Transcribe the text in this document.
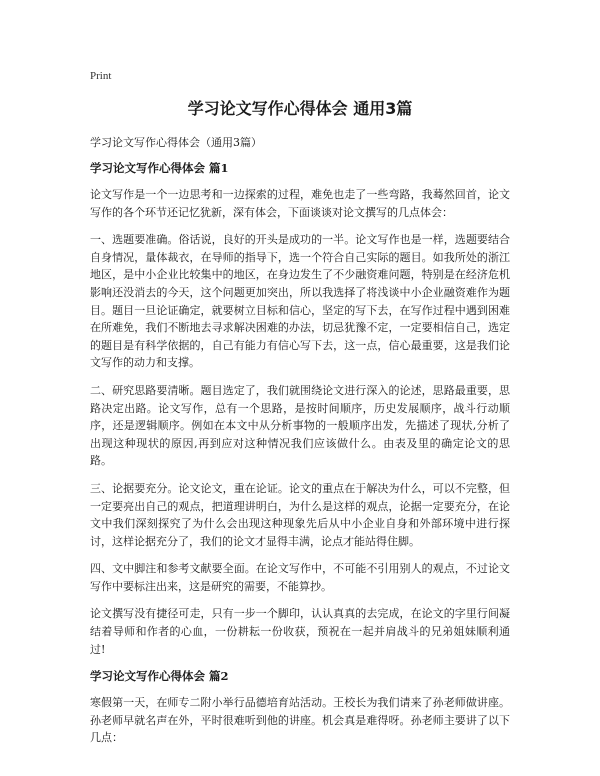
Print
学习论文写作心得体会 通用3篇
学习论文写作心得体会（通用3篇）
学习论文写作心得体会 篇1

论文写作是一个一边思考和一边探索的过程，难免也走了一些弯路，我蓦然回首，论文写作的各个环节还记忆犹新，深有体会，下面谈谈对论文撰写的几点体会：

一、选题要准确。俗话说，良好的开头是成功的一半。论文写作也是一样，选题要结合自身情况，量体裁衣，在导师的指导下，选一个符合自己实际的题目。如我所处的浙江地区，是中小企业比较集中的地区，在身边发生了不少融资难问题，特别是在经济危机影响还没消去的今天，这个问题更加突出，所以我选择了将浅谈中小企业融资难作为题目。题目一旦论证确定，就要树立目标和信心，坚定的写下去，在写作过程中遇到困难在所难免，我们不断地去寻求解决困难的办法，切忌犹豫不定，一定要相信自己，选定的题目是有科学依据的，自己有能力有信心写下去，这一点，信心最重要，这是我们论文写作的动力和支撑。

二、研究思路要清晰。题目选定了，我们就围绕论文进行深入的论述，思路最重要，思路决定出路。论文写作，总有一个思路，是按时间顺序，历史发展顺序，战斗行动顺序，还是逻辑顺序。例如在本文中从分析事物的一般顺序出发，先描述了现状,分析了出现这种现状的原因,再到应对这种情况我们应该做什么。由表及里的确定论文的思路。

三、论据要充分。论文论文，重在论证。论文的重点在于解决为什么，可以不完整，但一定要亮出自己的观点，把道理讲明白，为什么是这样的观点，论据一定要充分，在论文中我们深刻探究了为什么会出现这种现象先后从中小企业自身和外部环境中进行探讨，这样论据充分了，我们的论文才显得丰满，论点才能站得住脚。

四、文中脚注和参考文献要全面。在论文写作中，不可能不引用别人的观点，不过论文写作中要标注出来，这是研究的需要，不能算抄。

论文撰写没有捷径可走，只有一步一个脚印，认认真真的去完成，在论文的字里行间凝结着导师和作者的心血，一份耕耘一份收获，预祝在一起并肩战斗的兄弟姐妹顺利通过!

学习论文写作心得体会 篇2

寒假第一天，在师专二附小举行品德培育站活动。王校长为我们请来了孙老师做讲座。孙老师早就名声在外，平时很难听到他的讲座。机会真是难得呀。孙老师主要讲了以下几点：
